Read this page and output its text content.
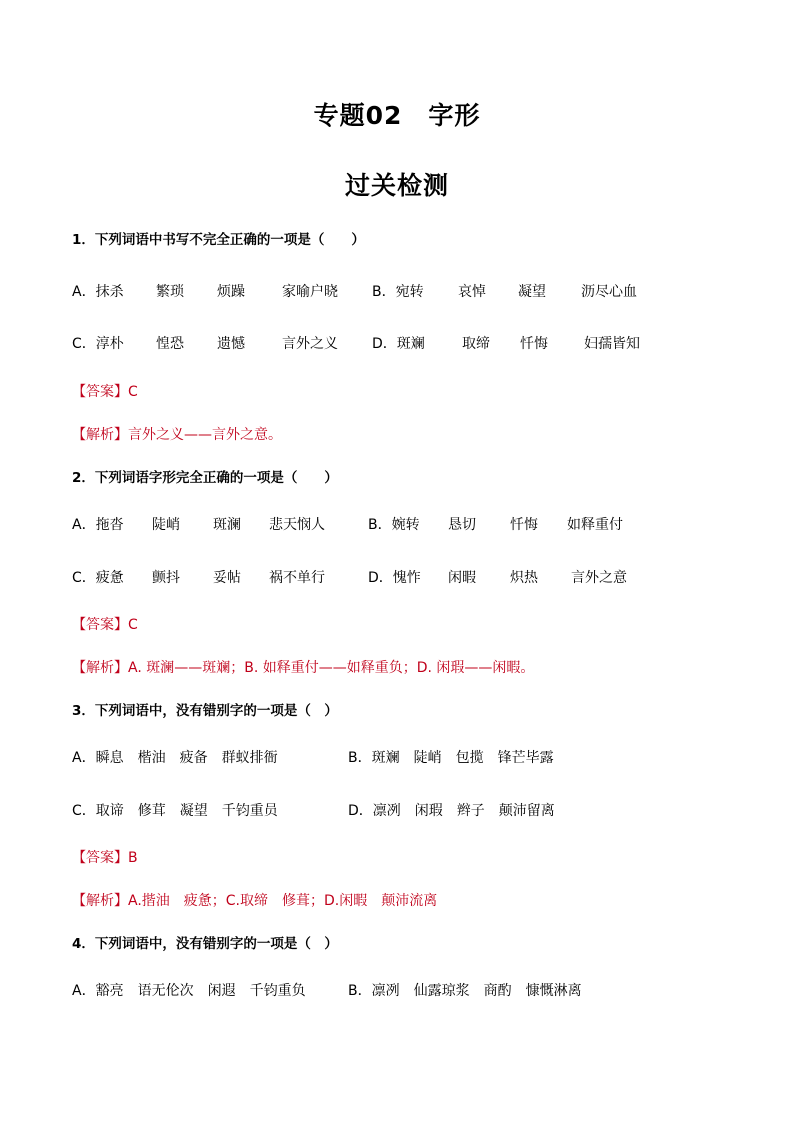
专题02　字形
过关检测
1．下列词语中书写不完全正确的一项是（　　）
A．抹杀 繁琐 烦躁	家喻户晓 B．宛转 哀悼 凝望	沥尽心血
C．淳朴 惶恐 遗憾	言外之义 D．斑斓	取缔 忏悔	妇孺皆知
【答案】C
【解析】言外之义——言外之意。
2．下列词语字形完全正确的一项是（　　）
A．拖沓 陡峭 斑澜 悲天悯人	B．婉转 恳切 忏悔 如释重付
C．疲惫 颤抖 妥帖 祸不单行	D．愧怍 闲暇 炽热 言外之意
【答案】C
【解析】A. 斑澜——斑斓；B. 如释重付——如释重负；D. 闲瑕——闲暇。
3．下列词语中，没有错别字的一项是（　）
A．瞬息　楷油　疲备　群蚁排衙	B．斑斓　陡峭　包揽　锋芒毕露
C．取谛　修茸　凝望　千钧重员	D．凛冽　闲瑕　辫子　颠沛留离
【答案】B
【解析】A.揩油　疲惫；C.取缔　修葺；D.闲暇　颠沛流离
4．下列词语中，没有错别字的一项是（　）
A．豁亮　语无伦次　闲遐　千钧重负	B．凛冽　仙露琼浆　商酌　慷慨淋离
